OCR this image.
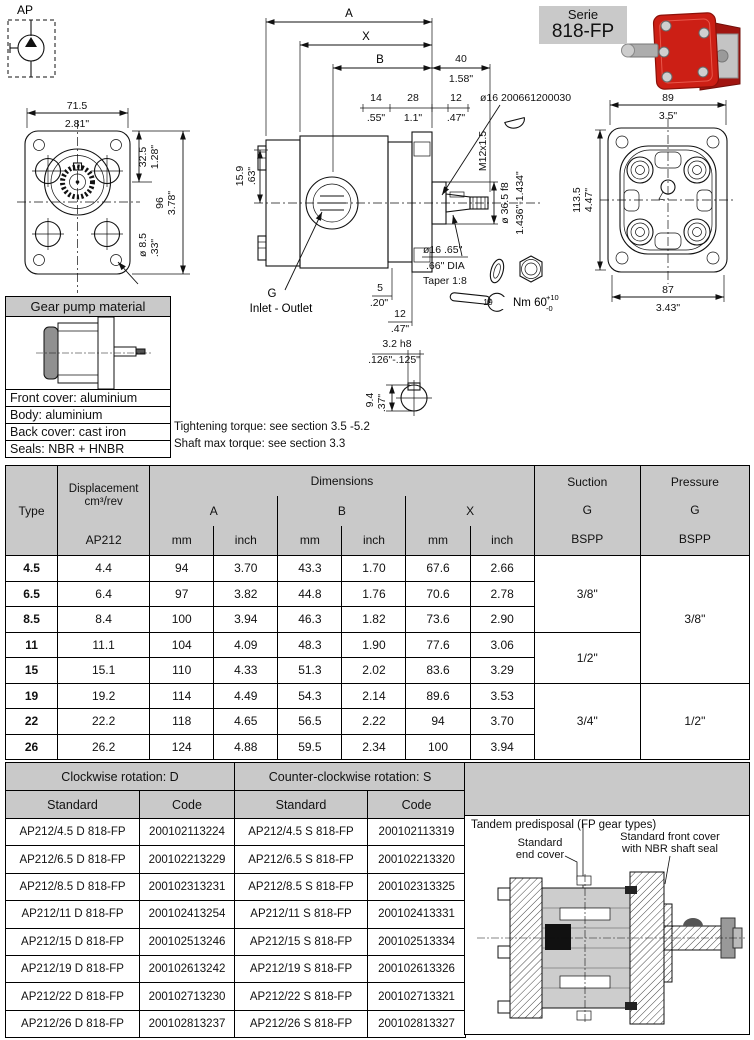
AP
71.5
2.81"
32.5 1.28"
96 3.78"
ø 8.5 .33"
A
X
B	40
1.58"
14
.55"
28
1.1"
12
.47"
15.9 .63"
ø16 200661200030
M12x1.5
ø 36.5 f8 1.436"-1.434"
ø16 .65"
.66" DIA
Taper 1:8
19 Nm 60 +10
-0
5
.20"
12
.47"
G
Inlet - Outlet
3.2 h8
.126"-.125"
9.4 .37"
89
3.5"
113.5 4.47"
87
3.43"
Serie
818-FP
Gear pump material
Front cover: aluminium
Body: aluminium
Back cover: cast iron
Seals: NBR + HNBR
Tightening torque: see section 3.5 -5.2
Shaft max torque: see section 3.3
Type	
Displacement
cm³/rev
	Dimensions	Suction
G
BSPP

Pressure
G
BSPP

		A		B		X			
	AP212	mm	inch	mm	inch	mm	inch		
4.5	4.4	94	3.70	43.3	1.70	67.6	2.66	3/8"	3/8"
6.5	6.4	97	3.82	44.8	1.76	70.6	2.78		
8.5	8.4	100	3.94	46.3	1.82	73.6	2.90		
11	11.1	104	4.09	48.3	1.90	77.6	3.06	1/2"	
15	15.1	110	4.33	51.3	2.02	83.6	3.29		
19	19.2	114	4.49	54.3	2.14	89.6	3.53	3/4"	1/2"
22	22.2	118	4.65	56.5	2.22	94	3.70		
26	26.2	124	4.88	59.5	2.34	100	3.94		
Clockwise rotation: D		Counter-clockwise rotation: S	
Standard	Code	Standard	Code
AP212/4.5 D 818-FP	200102113224	AP212/4.5 S 818-FP	200102113319
AP212/6.5 D 818-FP	200102213229	AP212/6.5 S 818-FP	200102213320
AP212/8.5 D 818-FP	200102313231	AP212/8.5 S 818-FP	200102313325
AP212/11 D 818-FP	200102413254	AP212/11 S 818-FP	200102413331
AP212/15 D 818-FP	200102513246	AP212/15 S 818-FP	200102513334
AP212/19 D 818-FP	200102613242	AP212/19 S 818-FP	200102613326
AP212/22 D 818-FP	200102713230	AP212/22 S 818-FP	200102713321
AP212/26 D 818-FP	200102813237	AP212/26 S 818-FP	200102813327
Tandem predisposal (FP gear types)
Standard
end cover
Standard front cover
with NBR shaft seal
